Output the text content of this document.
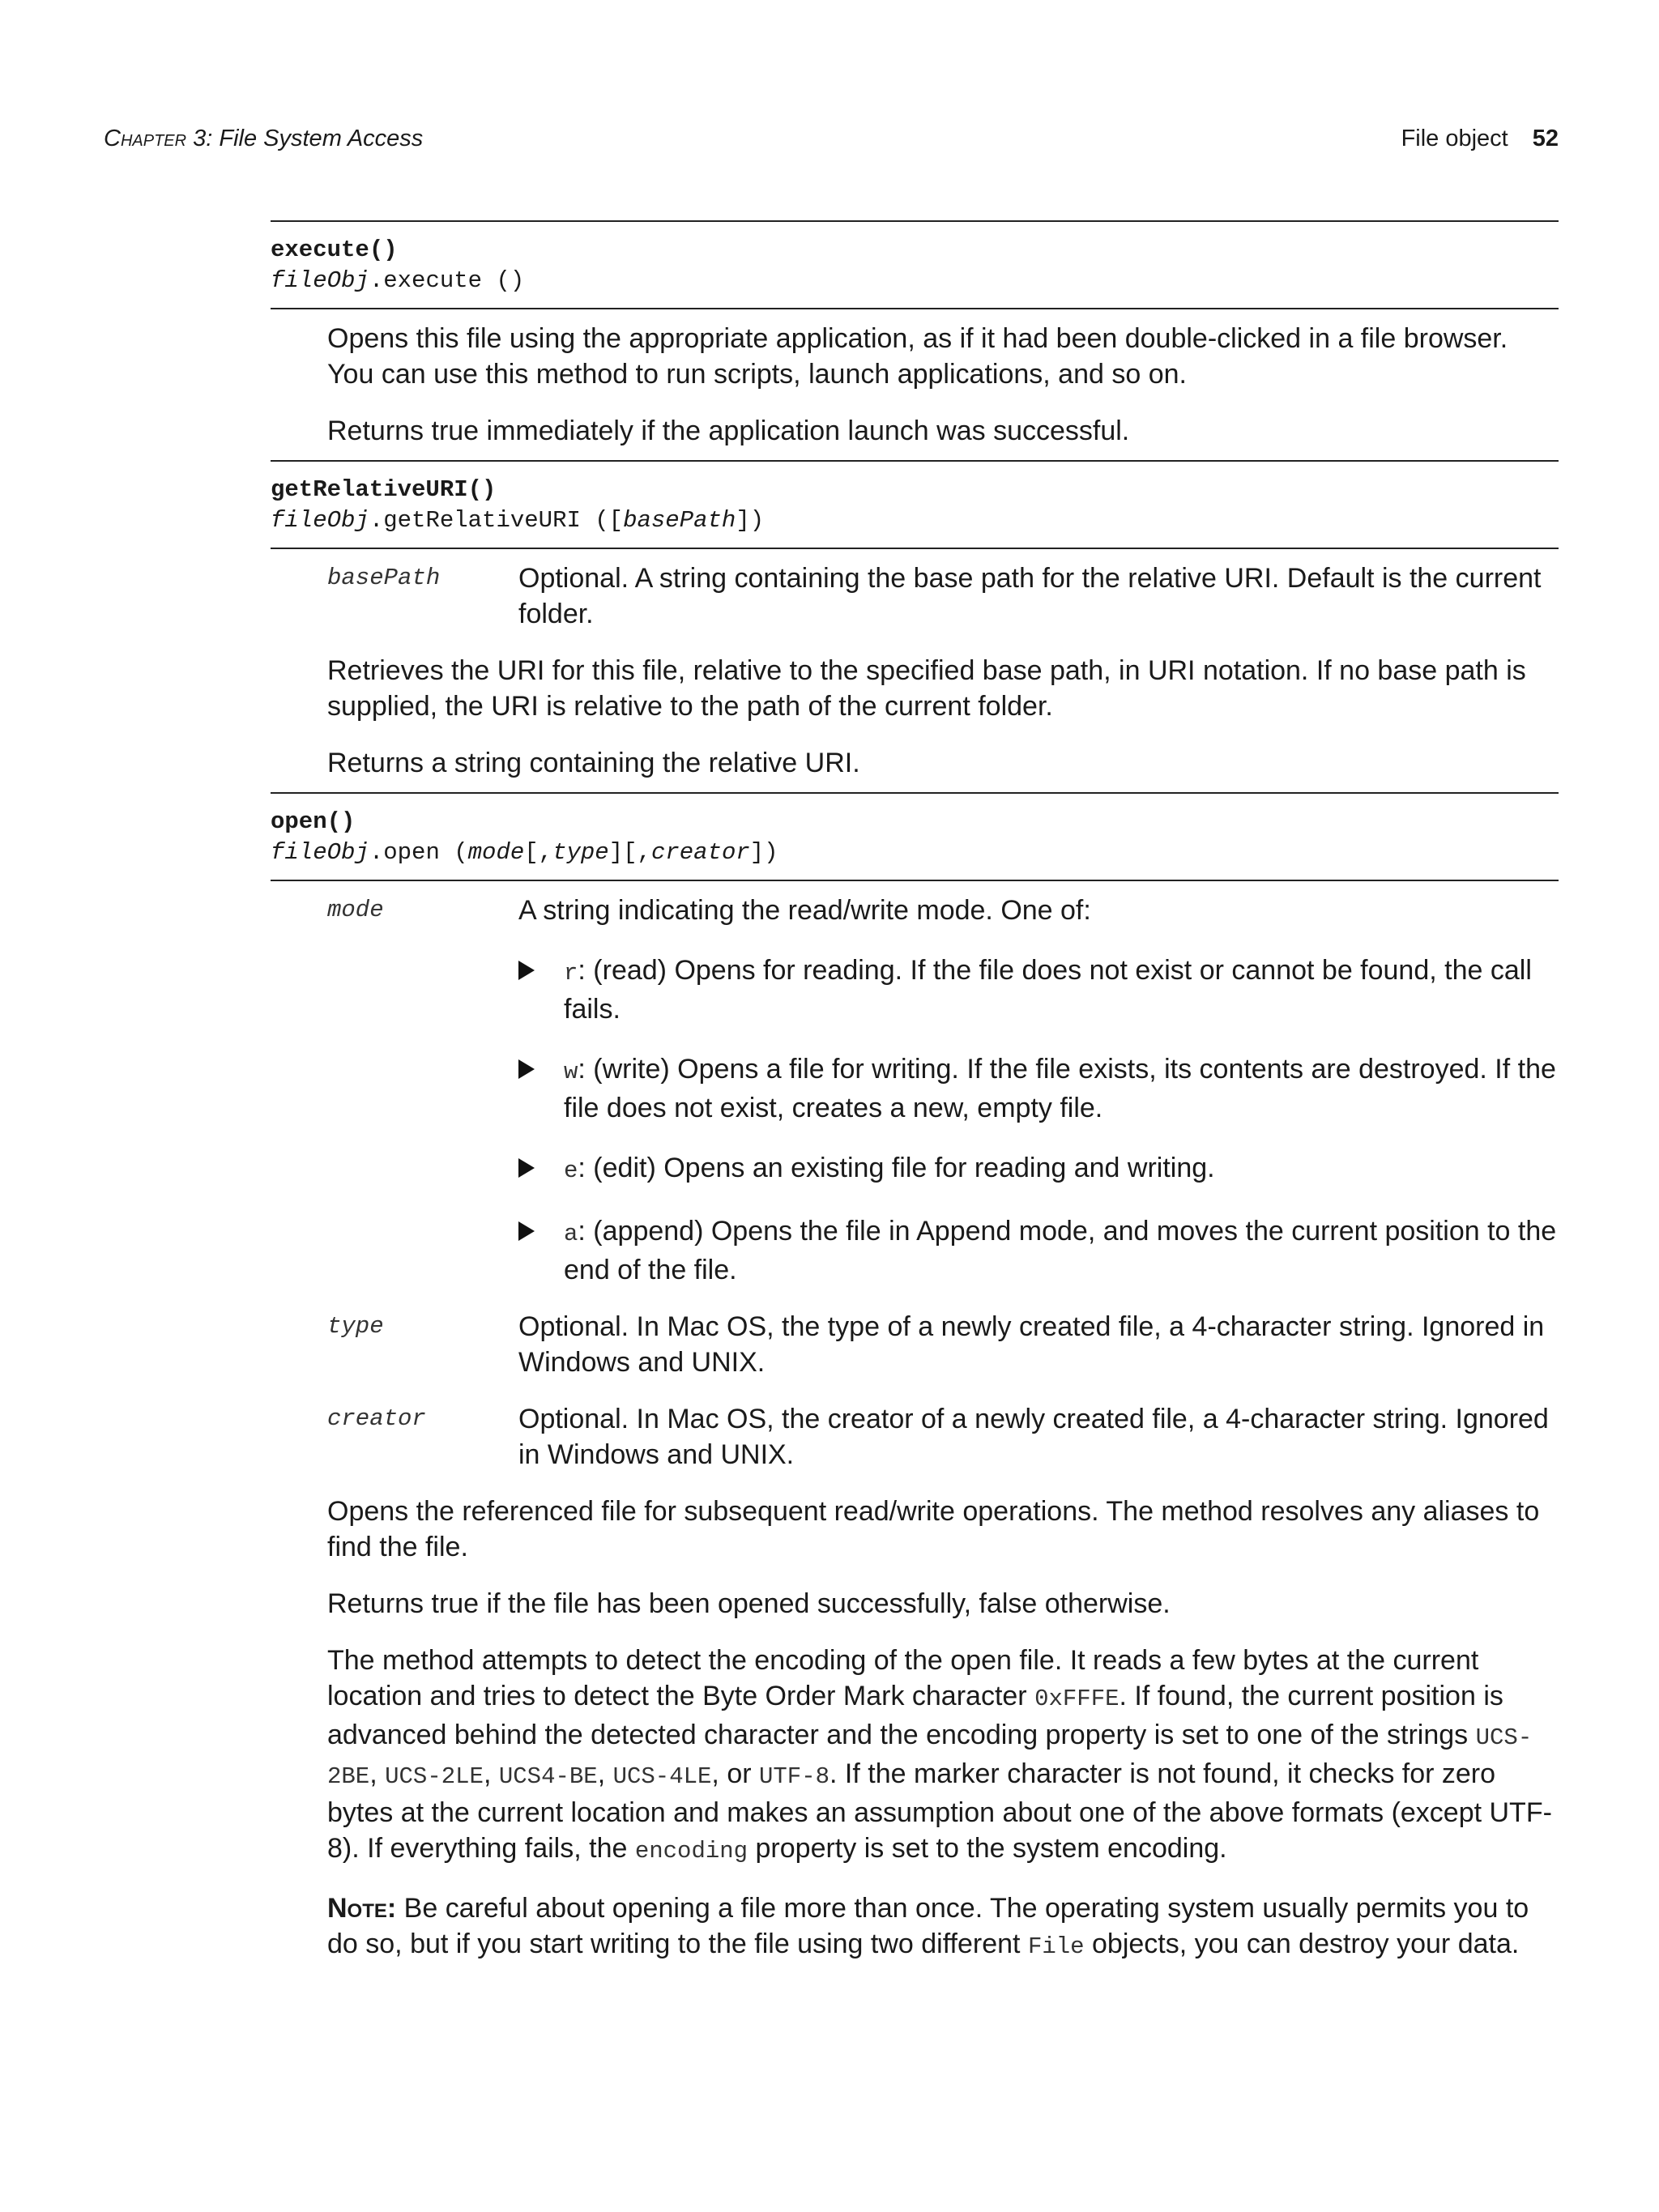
Chapter 3: File System Access	File object 52
execute()
fileObj.execute ()

Opens this file using the appropriate application, as if it had been double-clicked in a file browser. You can use this method to run scripts, launch applications, and so on.

Returns true immediately if the application launch was successful.

getRelativeURI()
fileObj.getRelativeURI ([basePath])
basePath	Optional. A string containing the base path for the relative URI. Default is the current folder.

Retrieves the URI for this file, relative to the specified base path, in URI notation. If no base path is supplied, the URI is relative to the path of the current folder.

Returns a string containing the relative URI.

open()
fileObj.open (mode[,type][,creator])
mode	A string indicating the read/write mode. One of:

r: (read) Opens for reading. If the file does not exist or cannot be found, the call fails.
w: (write) Opens a file for writing. If the file exists, its contents are destroyed. If the file does not exist, creates a new, empty file.
e: (edit) Opens an existing file for reading and writing.
a: (append) Opens the file in Append mode, and moves the current position to the end of the file.
type	Optional. In Mac OS, the type of a newly created file, a 4-character string. Ignored in Windows and UNIX.
creator	Optional. In Mac OS, the creator of a newly created file, a 4-character string. Ignored in Windows and UNIX.

Opens the referenced file for subsequent read/write operations. The method resolves any aliases to find the file.

Returns true if the file has been opened successfully, false otherwise.

The method attempts to detect the encoding of the open file. It reads a few bytes at the current location and tries to detect the Byte Order Mark character 0xFFFE. If found, the current position is advanced behind the detected character and the encoding property is set to one of the strings UCS-2BE, UCS-2LE, UCS4-BE, UCS-4LE, or UTF-8. If the marker character is not found, it checks for zero bytes at the current location and makes an assumption about one of the above formats (except UTF-8). If everything fails, the encoding property is set to the system encoding.

Note: Be careful about opening a file more than once. The operating system usually permits you to do so, but if you start writing to the file using two different File objects, you can destroy your data.
